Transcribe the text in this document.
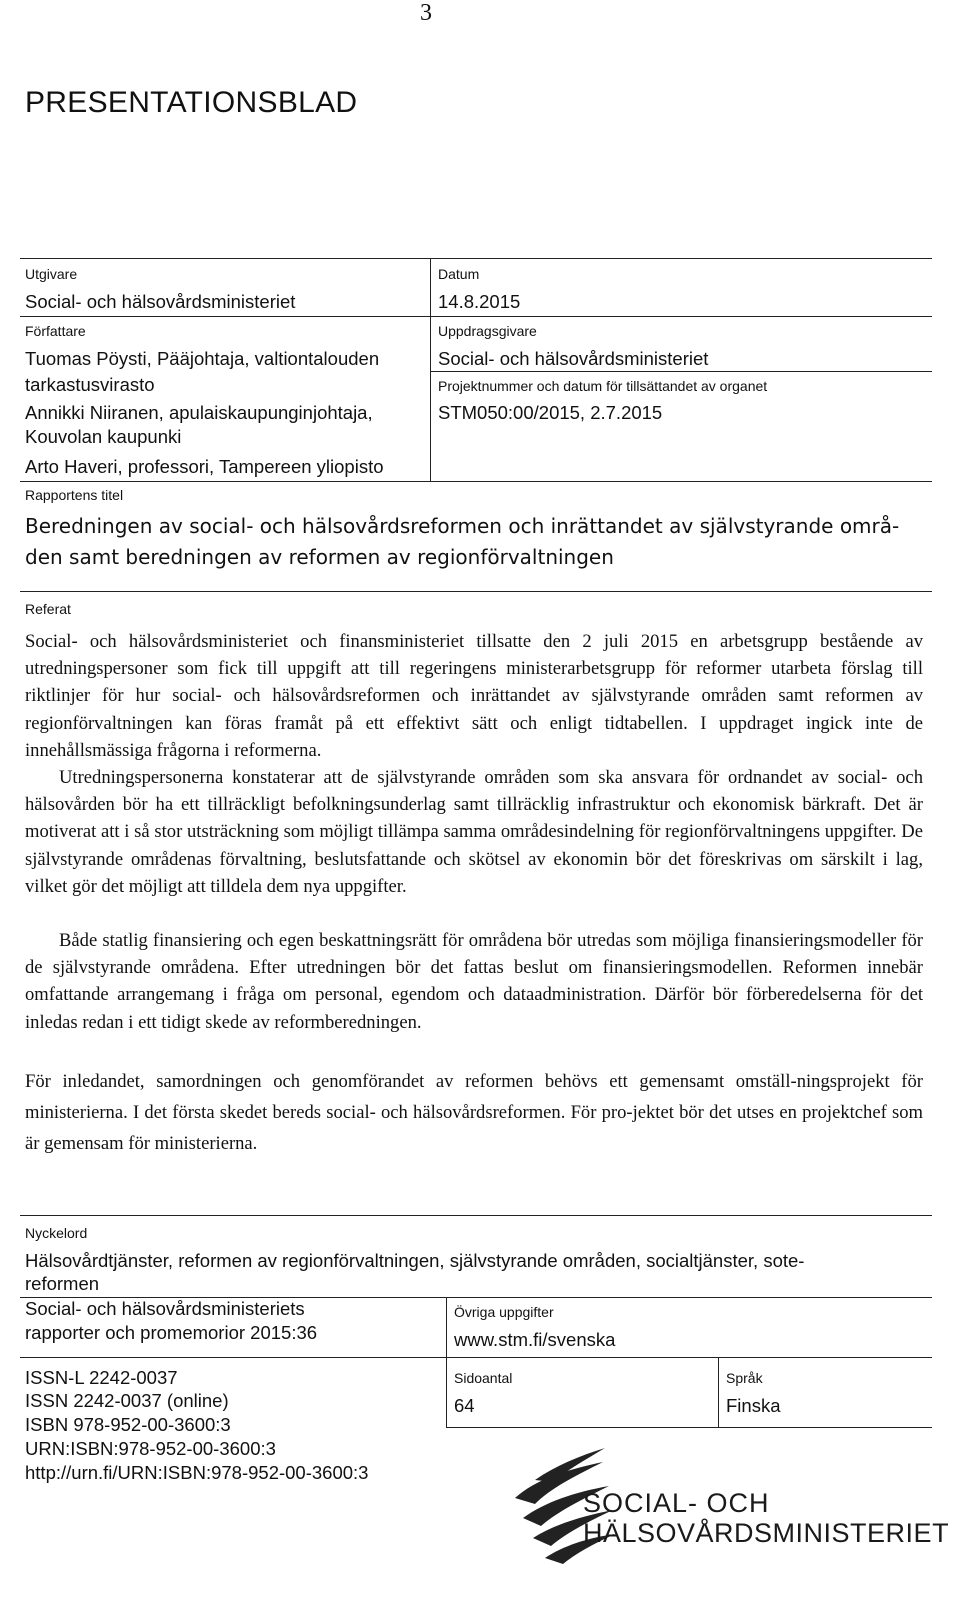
3
PRESENTATIONSBLAD
Utgivare
Social- och hälsovårdsministeriet
Datum
14.8.2015
Författare
Tuomas Pöysti, Pääjohtaja, valtiontalouden
tarkastusvirasto
Annikki Niiranen, apulaiskaupunginjohtaja,
Kouvolan kaupunki
Arto Haveri, professori, Tampereen yliopisto
Uppdragsgivare
Social- och hälsovårdsministeriet
Projektnummer och datum för tillsättandet av organet
STM050:00/2015, 2.7.2015
Rapportens titel
Beredningen av social- och hälsovårdsreformen och inrättandet av självstyrande områ-
den samt beredningen av reformen av regionförvaltningen
Referat
Social- och hälsovårdsministeriet och finansministeriet tillsatte den 2 juli 2015 en arbetsgrupp bestående av utredningspersoner som fick till uppgift att till regeringens ministerarbetsgrupp för reformer utarbeta förslag till riktlinjer för hur social- och hälsovårdsreformen och inrättandet av självstyrande områden samt reformen av regionförvaltningen kan föras framåt på ett effektivt sätt och enligt tidtabellen. I uppdraget ingick inte de innehållsmässiga frågorna i reformerna.
Utredningspersonerna konstaterar att de självstyrande områden som ska ansvara för ordnandet av social- och hälsovården bör ha ett tillräckligt befolkningsunderlag samt tillräcklig infrastruktur och ekonomisk bärkraft. Det är motiverat att i så stor utsträckning som möjligt tillämpa samma områdesindelning för regionförvaltningens uppgifter. De självstyrande områdenas förvaltning, beslutsfattande och skötsel av ekonomin bör det föreskrivas om särskilt i lag, vilket gör det möjligt att tilldela dem nya uppgifter.
Både statlig finansiering och egen beskattningsrätt för områdena bör utredas som möjliga finansieringsmodeller för de självstyrande områdena. Efter utredningen bör det fattas beslut om finansieringsmodellen. Reformen innebär omfattande arrangemang i fråga om personal, egendom och dataadministration. Därför bör förberedelserna för det inledas redan i ett tidigt skede av reformberedningen.
För inledandet, samordningen och genomförandet av reformen behövs ett gemensamt omställ-ningsprojekt för ministerierna. I det första skedet bereds social- och hälsovårdsreformen. För pro-jektet bör det utses en projektchef som är gemensam för ministerierna.
Nyckelord
Hälsovårdtjänster, reformen av regionförvaltningen, självstyrande områden, socialtjänster, sote-
reformen
Social- och hälsovårdsministeriets
rapporter och promemorior 2015:36
Övriga uppgifter
www.stm.fi/svenska
ISSN-L 2242-0037
ISSN 2242-0037 (online)
ISBN 978-952-00-3600:3
URN:ISBN:978-952-00-3600:3
http://urn.fi/URN:ISBN:978-952-00-3600:3
Sidoantal
64
Språk
Finska
SOCIAL- OCH
HÄLSOVÅRDSMINISTERIET
